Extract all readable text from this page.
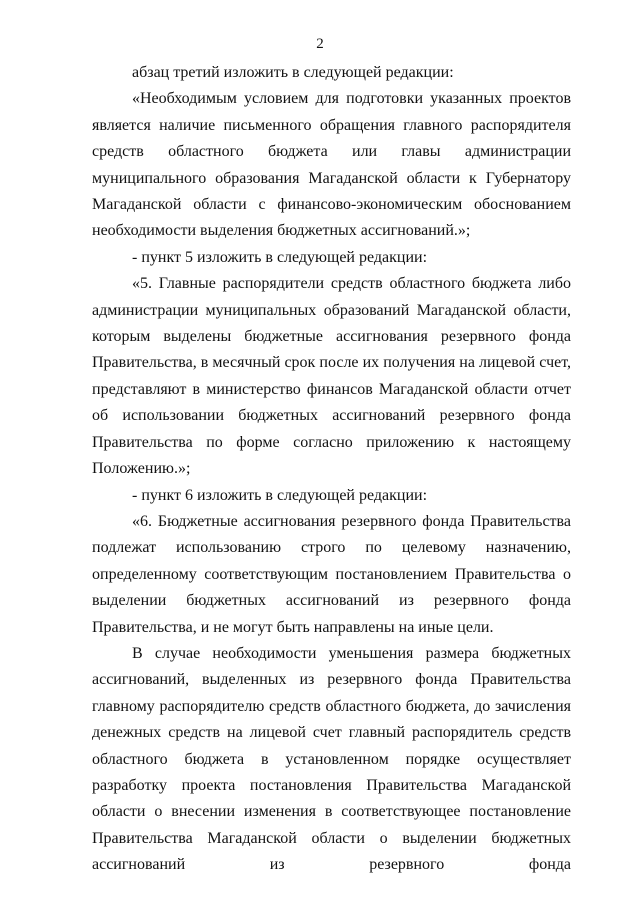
2

абзац третий изложить в следующей редакции:

«Необходимым условием для подготовки указанных проектов является наличие письменного обращения главного распорядителя средств областного бюджета или главы администрации муниципального образования Магаданской области к Губернатору Магаданской области с финансово-экономическим обоснованием необходимости выделения бюджетных ассигнований.»;

- пункт 5 изложить в следующей редакции:

«5. Главные распорядители средств областного бюджета либо администрации муниципальных образований Магаданской области, которым выделены бюджетные ассигнования резервного фонда Правительства, в месячный срок после их получения на лицевой счет, представляют в министерство финансов Магаданской области отчет об использовании бюджетных ассигнований резервного фонда Правительства по форме согласно приложению к настоящему Положению.»;

- пункт 6 изложить в следующей редакции:

«6. Бюджетные ассигнования резервного фонда Правительства подлежат использованию строго по целевому назначению, определенному соответствующим постановлением Правительства о выделении бюджетных ассигнований из резервного фонда Правительства, и не могут быть направлены на иные цели.

В случае необходимости уменьшения размера бюджетных ассигнований, выделенных из резервного фонда Правительства главному распорядителю средств областного бюджета, до зачисления денежных средств на лицевой счет главный распорядитель средств областного бюджета в установленном порядке осуществляет разработку проекта постановления Правительства Магаданской области о внесении изменения в соответствующее постановление Правительства Магаданской области о выделении бюджетных ассигнований из резервного фонда
